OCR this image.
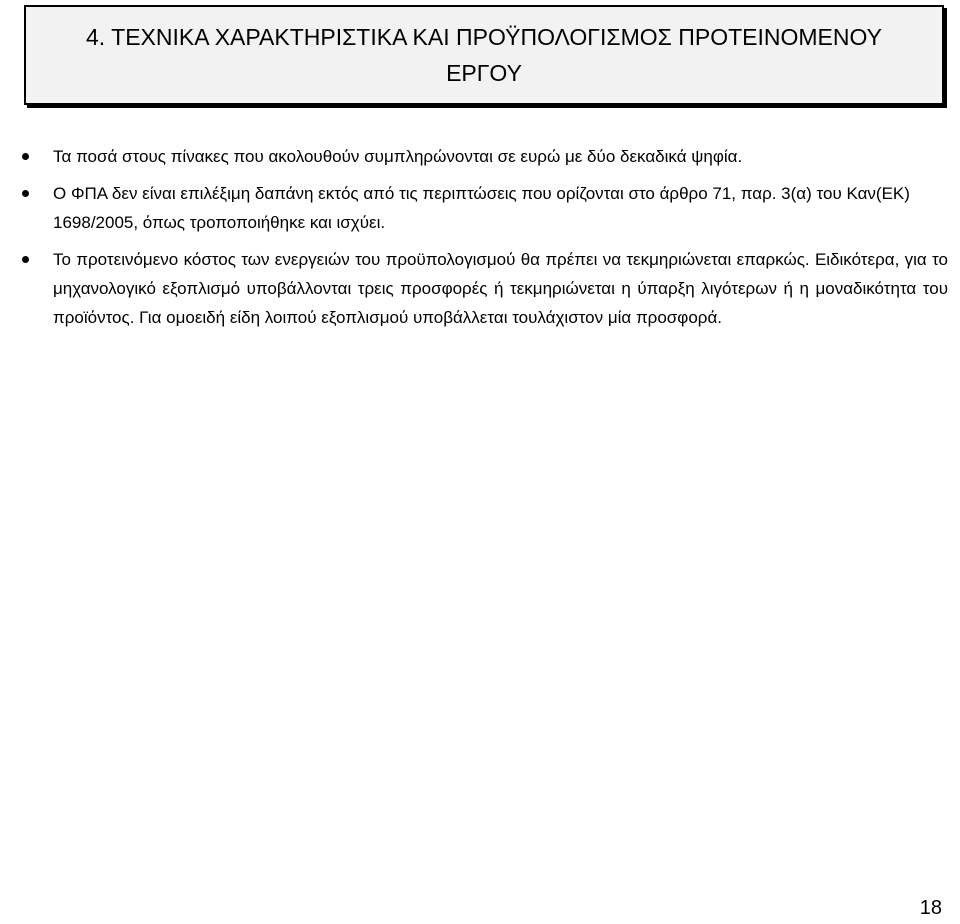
4. ΤΕΧΝΙΚΑ ΧΑΡΑΚΤΗΡΙΣΤΙΚΑ ΚΑΙ ΠΡΟΫΠΟΛΟΓΙΣΜΟΣ ΠΡΟΤΕΙΝΟΜΕΝΟΥ ΕΡΓΟΥ
Τα ποσά στους πίνακες που ακολουθούν συμπληρώνονται σε ευρώ με δύο δεκαδικά ψηφία.
Ο ΦΠΑ δεν είναι επιλέξιμη δαπάνη εκτός από τις περιπτώσεις που ορίζονται στο άρθρο 71, παρ. 3(α) του Καν(ΕΚ) 1698/2005, όπως τροποποιήθηκε και ισχύει.
Το προτεινόμενο κόστος των ενεργειών του προϋπολογισμού θα πρέπει να τεκμηριώνεται επαρκώς. Ειδικότερα, για το μηχανολογικό εξοπλισμό υποβάλλονται τρεις προσφορές ή τεκμηριώνεται η ύπαρξη λιγότερων ή η μοναδικότητα του προϊόντος. Για ομοειδή είδη λοιπού εξοπλισμού υποβάλλεται τουλάχιστον μία προσφορά.
18
